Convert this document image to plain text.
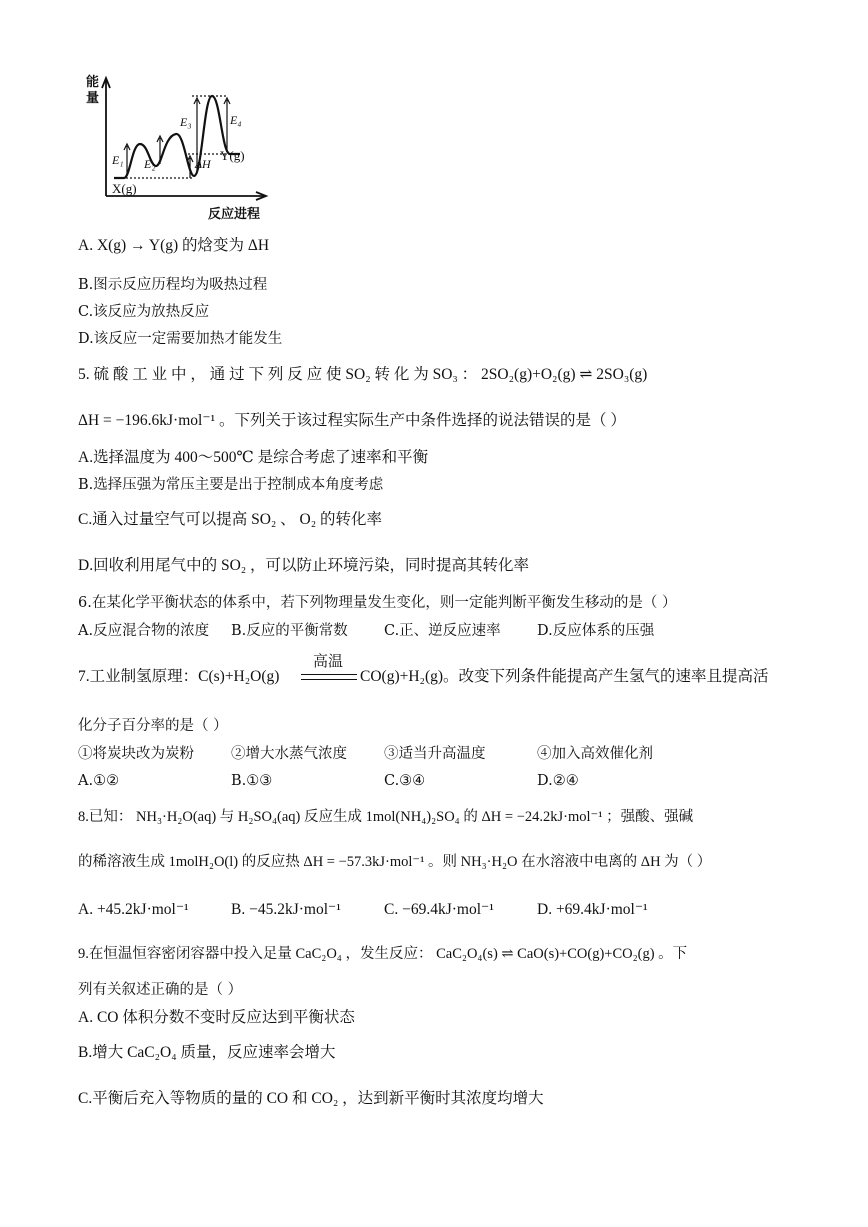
E₁ E₂
E₃	E₄
ΔH
X(g)
Y(g)
能
量
反应进程
A. X(g) → Y(g) 的焓变为 ΔH
B.图示反应历程均为吸热过程
C.该反应为放热反应
D.该反应一定需要加热才能发生
5. 硫 酸 工 业 中 ， 通 过 下 列 反 应 使 SO₂ 转 化 为 SO₃ ： 2SO₂(g)+O₂(g) ⇌ 2SO₃(g)
ΔH = −196.6kJ·mol⁻¹ 。下列关于该过程实际生产中条件选择的说法错误的是（ ）
A.选择温度为 400～500℃ 是综合考虑了速率和平衡
B.选择压强为常压主要是出于控制成本角度考虑
C.通入过量空气可以提高 SO₂ 、 O₂ 的转化率
D.回收利用尾气中的 SO₂ ，可以防止环境污染，同时提高其转化率
6.在某化学平衡状态的体系中，若下列物理量发生变化，则一定能判断平衡发生移动的是（ ）
A.反应混合物的浓度 B.反应的平衡常数 C.正、逆反应速率	D.反应体系的压强
7.工业制氢原理：C(s)+H₂O(g)
高温
CO(g)+H₂(g)。改变下列条件能提高产生氢气的速率且提高活
化分子百分率的是（ ）
①将炭块改为炭粉	②增大水蒸气浓度	③适当升高温度	④加入高效催化剂
A.①②	B.①③	C.③④	D.②④
8.已知： NH₃·H₂O(aq) 与 H₂SO₄(aq) 反应生成 1mol(NH₄)₂SO₄ 的 ΔH = −24.2kJ·mol⁻¹ ；强酸、强碱
的稀溶液生成 1molH₂O(l) 的反应热 ΔH = −57.3kJ·mol⁻¹ 。则 NH₃·H₂O 在水溶液中电离的 ΔH 为（ ）
A. +45.2kJ·mol⁻¹	B. −45.2kJ·mol⁻¹	C. −69.4kJ·mol⁻¹	D. +69.4kJ·mol⁻¹
9.在恒温恒容密闭容器中投入足量 CaC₂O₄ ，发生反应： CaC₂O₄(s) ⇌ CaO(s)+CO(g)+CO₂(g) 。下
列有关叙述正确的是（ ）
A. CO 体积分数不变时反应达到平衡状态
B.增大 CaC₂O₄ 质量，反应速率会增大
C.平衡后充入等物质的量的 CO 和 CO₂ ，达到新平衡时其浓度均增大
